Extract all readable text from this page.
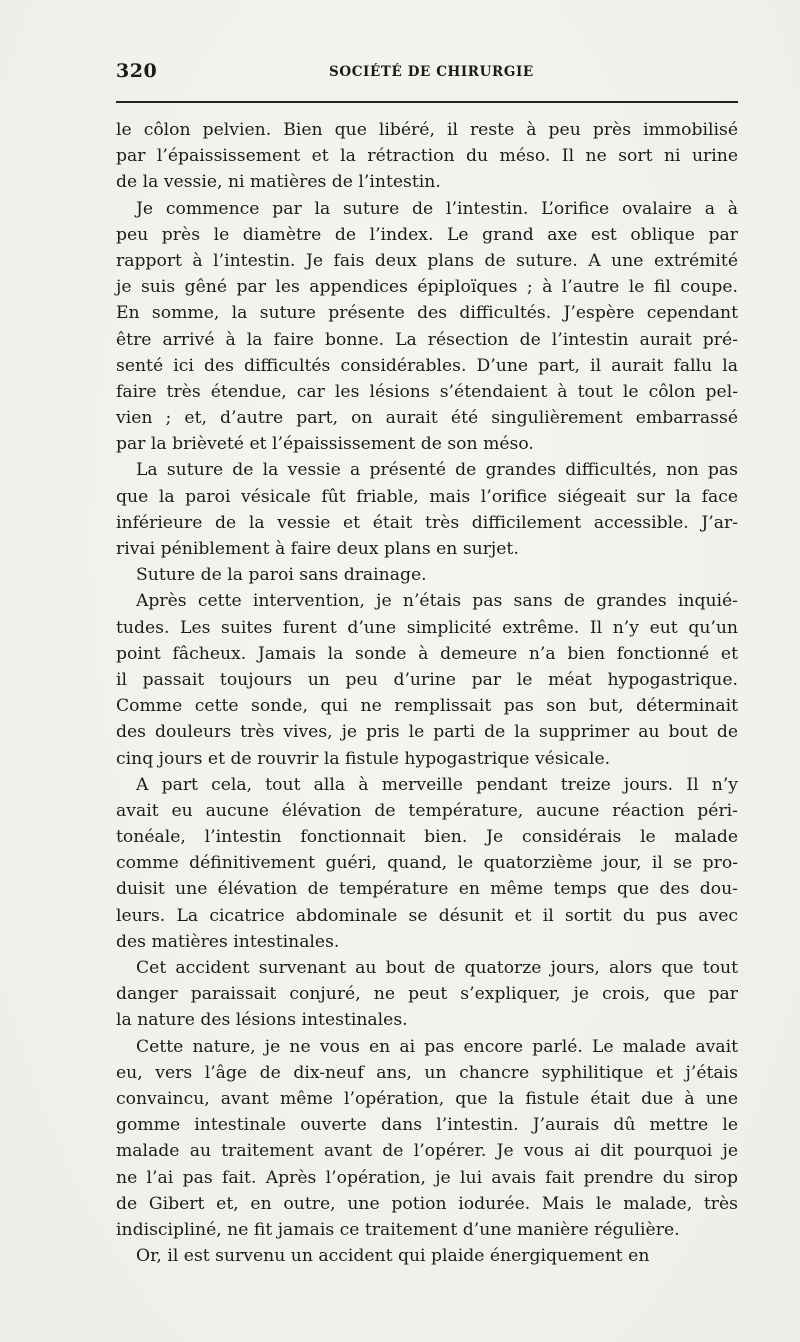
320	SOCIÉTÉ DE CHIRURGIE
le côlon pelvien. Bien que libéré, il reste à peu près immobilisé
par l’épaississement et la rétraction du méso. Il ne sort ni urine
de la vessie, ni matières de l’intestin.
Je commence par la suture de l’intestin. L’orifice ovalaire a à
peu près le diamètre de l’index. Le grand axe est oblique par
rapport à l’intestin. Je fais deux plans de suture. A une extrémité
je suis gêné par les appendices épiploïques ; à l’autre le fil coupe.
En somme, la suture présente des difficultés. J’espère cependant
être arrivé à la faire bonne. La résection de l’intestin aurait pré-
senté ici des difficultés considérables. D’une part, il aurait fallu la
faire très étendue, car les lésions s’étendaient à tout le côlon pel-
vien ; et, d’autre part, on aurait été singulièrement embarrassé
par la brièveté et l’épaississement de son méso.
La suture de la vessie a présenté de grandes difficultés, non pas
que la paroi vésicale fût friable, mais l’orifice siégeait sur la face
inférieure de la vessie et était très difficilement accessible. J’ar-
rivai péniblement à faire deux plans en surjet.
Suture de la paroi sans drainage.
Après cette intervention, je n’étais pas sans de grandes inquié-
tudes. Les suites furent d’une simplicité extrême. Il n’y eut qu’un
point fâcheux. Jamais la sonde à demeure n’a bien fonctionné et
il passait toujours un peu d’urine par le méat hypogastrique.
Comme cette sonde, qui ne remplissait pas son but, déterminait
des douleurs très vives, je pris le parti de la supprimer au bout de
cinq jours et de rouvrir la fistule hypogastrique vésicale.
A part cela, tout alla à merveille pendant treize jours. Il n’y
avait eu aucune élévation de température, aucune réaction péri-
tonéale, l’intestin fonctionnait bien. Je considérais le malade
comme définitivement guéri, quand, le quatorzième jour, il se pro-
duisit une élévation de température en même temps que des dou-
leurs. La cicatrice abdominale se désunit et il sortit du pus avec
des matières intestinales.
Cet accident survenant au bout de quatorze jours, alors que tout
danger paraissait conjuré, ne peut s’expliquer, je crois, que par
la nature des lésions intestinales.
Cette nature, je ne vous en ai pas encore parlé. Le malade avait
eu, vers l’âge de dix-neuf ans, un chancre syphilitique et j’étais
convaincu, avant même l’opération, que la fistule était due à une
gomme intestinale ouverte dans l’intestin. J’aurais dû mettre le
malade au traitement avant de l’opérer. Je vous ai dit pourquoi je
ne l’ai pas fait. Après l’opération, je lui avais fait prendre du sirop
de Gibert et, en outre, une potion iodurée. Mais le malade, très
indiscipliné, ne fit jamais ce traitement d’une manière régulière.
Or, il est survenu un accident qui plaide énergiquement en
